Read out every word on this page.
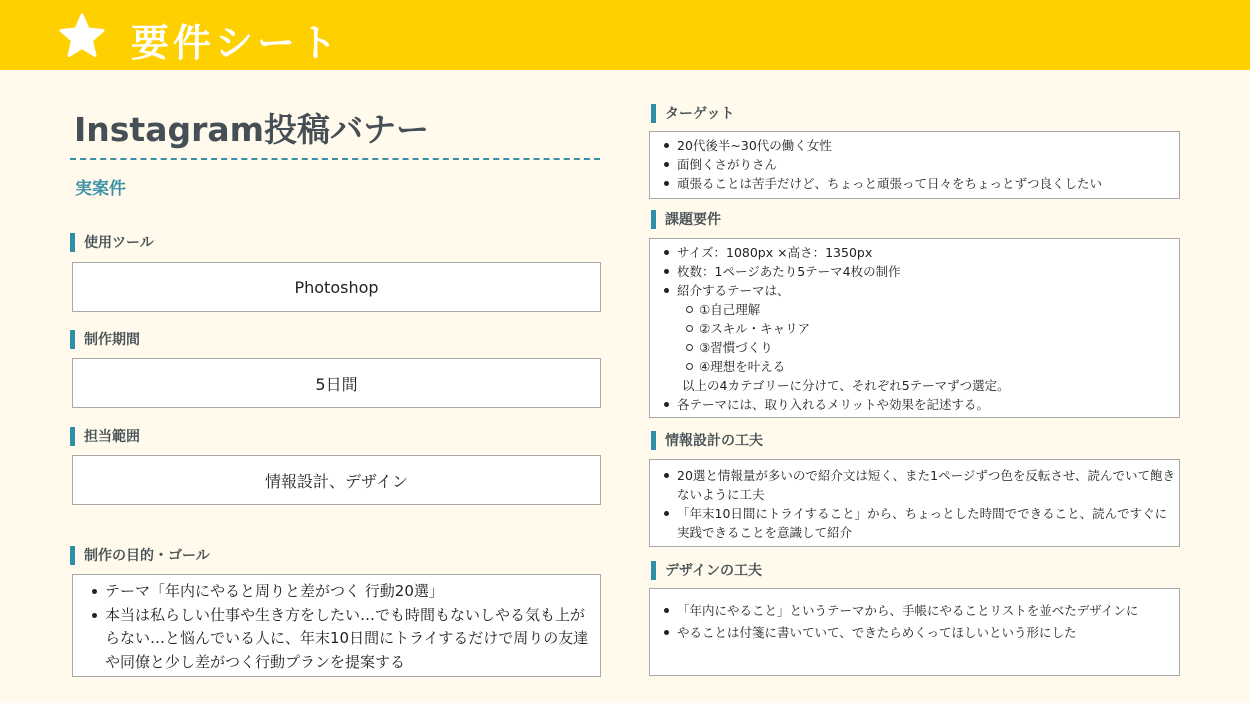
要件シート
Instagram投稿バナー
実案件
使用ツール
Photoshop
制作期間
5日間
担当範囲
情報設計、デザイン
制作の目的・ゴール
テーマ「年内にやると周りと差がつく 行動20選」
本当は私らしい仕事や生き方をしたい…でも時間もないしやる気も上がらない…と悩んでいる人に、年末10日間にトライするだけで周りの友達や同僚と少し差がつく行動プランを提案する
ターゲット
20代後半~30代の働く女性
面倒くさがりさん
頑張ることは苦手だけど、ちょっと頑張って日々をちょっとずつ良くしたい
課題要件
サイズ：1080px ×高さ：1350px
枚数：1ページあたり5テーマ4枚の制作
紹介するテーマは、
①自己理解
②スキル・キャリア
③習慣づくり
④理想を叶える
以上の4カテゴリーに分けて、それぞれ5テーマずつ選定。
各テーマには、取り入れるメリットや効果を記述する。
情報設計の工夫
20選と情報量が多いので紹介文は短く、また1ページずつ色を反転させ、読んでいて飽きないように工夫
「年末10日間にトライすること」から、ちょっとした時間でできること、読んですぐに実践できることを意識して紹介
デザインの工夫
「年内にやること」というテーマから、手帳にやることリストを並べたデザインに
やることは付箋に書いていて、できたらめくってほしいという形にした
